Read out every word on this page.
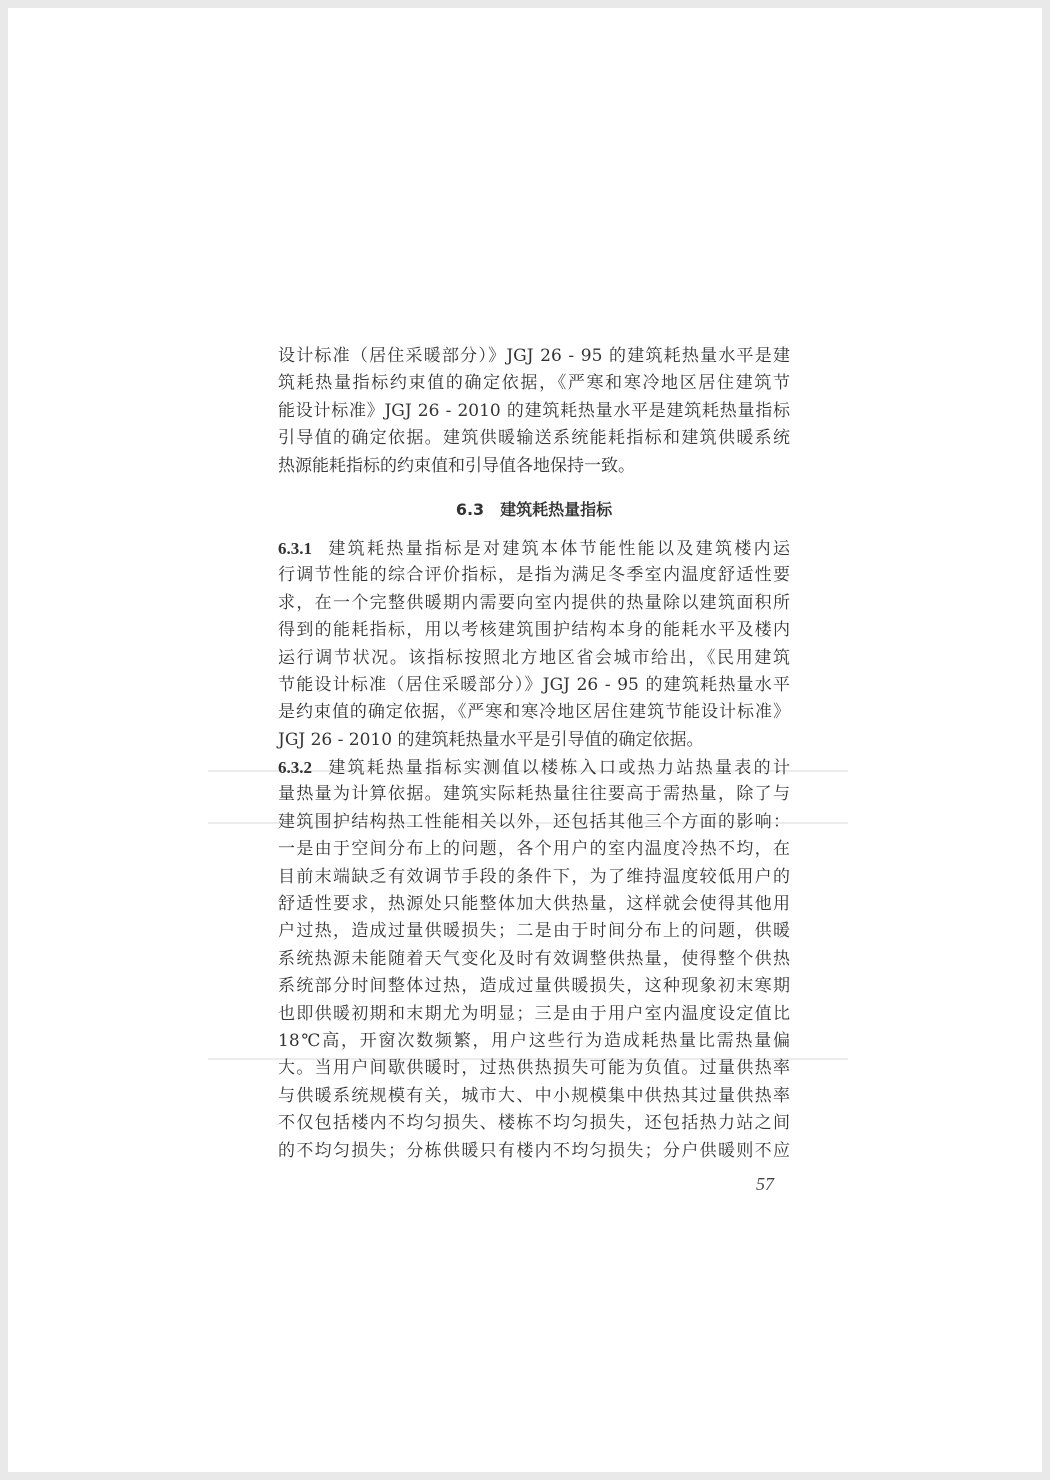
设计标准（居住采暖部分）》JGJ 26 - 95 的建筑耗热量水平是建
筑耗热量指标约束值的确定依据，《严寒和寒冷地区居住建筑节
能设计标准》JGJ 26 - 2010 的建筑耗热量水平是建筑耗热量指标
引导值的确定依据。建筑供暖输送系统能耗指标和建筑供暖系统
热源能耗指标的约束值和引导值各地保持一致。
6.3　建筑耗热量指标
6.3.1 建筑耗热量指标是对建筑本体节能性能以及建筑楼内运
行调节性能的综合评价指标，是指为满足冬季室内温度舒适性要
求，在一个完整供暖期内需要向室内提供的热量除以建筑面积所
得到的能耗指标，用以考核建筑围护结构本身的能耗水平及楼内
运行调节状况。该指标按照北方地区省会城市给出，《民用建筑
节能设计标准（居住采暖部分）》JGJ 26 - 95 的建筑耗热量水平
是约束值的确定依据，《严寒和寒冷地区居住建筑节能设计标准》
JGJ 26 - 2010 的建筑耗热量水平是引导值的确定依据。
6.3.2 建筑耗热量指标实测值以楼栋入口或热力站热量表的计
量热量为计算依据。建筑实际耗热量往往要高于需热量，除了与
建筑围护结构热工性能相关以外，还包括其他三个方面的影响：
一是由于空间分布上的问题，各个用户的室内温度冷热不均，在
目前末端缺乏有效调节手段的条件下，为了维持温度较低用户的
舒适性要求，热源处只能整体加大供热量，这样就会使得其他用
户过热，造成过量供暖损失；二是由于时间分布上的问题，供暖
系统热源未能随着天气变化及时有效调整供热量，使得整个供热
系统部分时间整体过热，造成过量供暖损失，这种现象初末寒期
也即供暖初期和末期尤为明显；三是由于用户室内温度设定值比
18℃高，开窗次数频繁，用户这些行为造成耗热量比需热量偏
大。当用户间歇供暖时，过热供热损失可能为负值。过量供热率
与供暖系统规模有关，城市大、中小规模集中供热其过量供热率
不仅包括楼内不均匀损失、楼栋不均匀损失，还包括热力站之间
的不均匀损失；分栋供暖只有楼内不均匀损失；分户供暖则不应
57
